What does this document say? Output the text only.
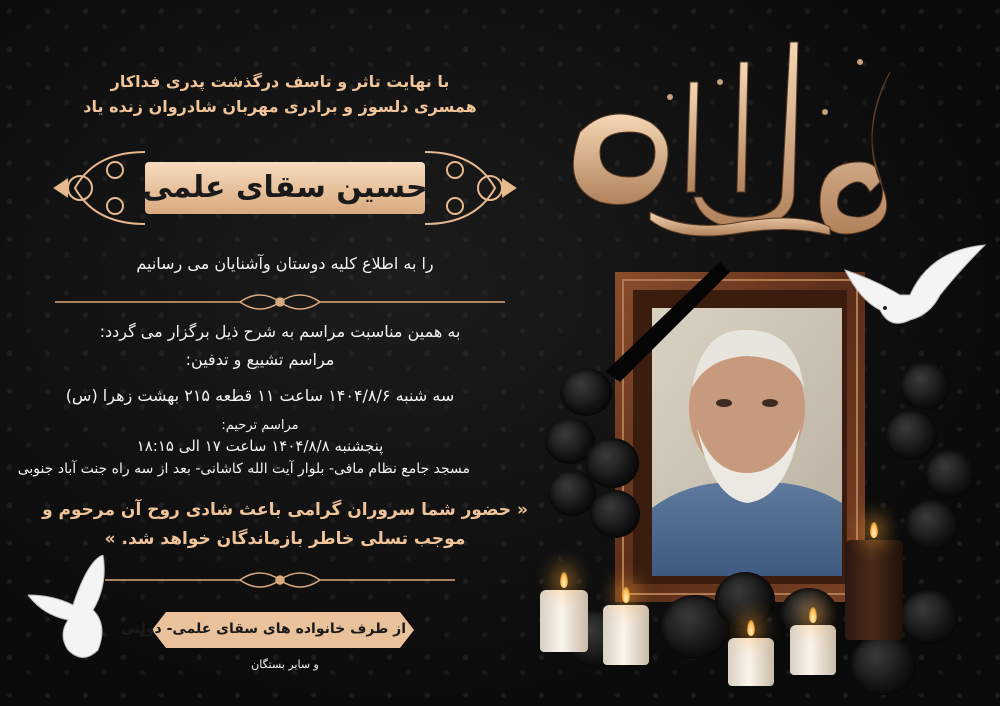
با نهایت تاثر و تاسف درگذشت پدری فداکار
همسری دلسوز و برادری مهربان شادروان زنده یاد
حسین سقای علمی
را به اطلاع کلیه دوستان وآشنایان می رسانیم
به همین مناسبت مراسم به شرح ذیل برگزار می گردد:
مراسم تشییع و تدفین:
سه شنبه ۱۴۰۴/۸/۶ ساعت ۱۱ قطعه ۲۱۵ بهشت زهرا (س)
مراسم ترحیم:
پنجشنبه ۱۴۰۴/۸/۸ ساعت ۱۷ الی ۱۸:۱۵
مسجد جامع نظام مافی- بلوار آیت الله کاشانی- بعد از سه راه جنت آباد جنوبی
« حضور شما سروران گرامی باعث شادی روح آن مرحوم و
موجب تسلی خاطر بازماندگان خواهد شد. »
از طرف خانواده های سقای علمی- دولتی
و سایر بستگان
